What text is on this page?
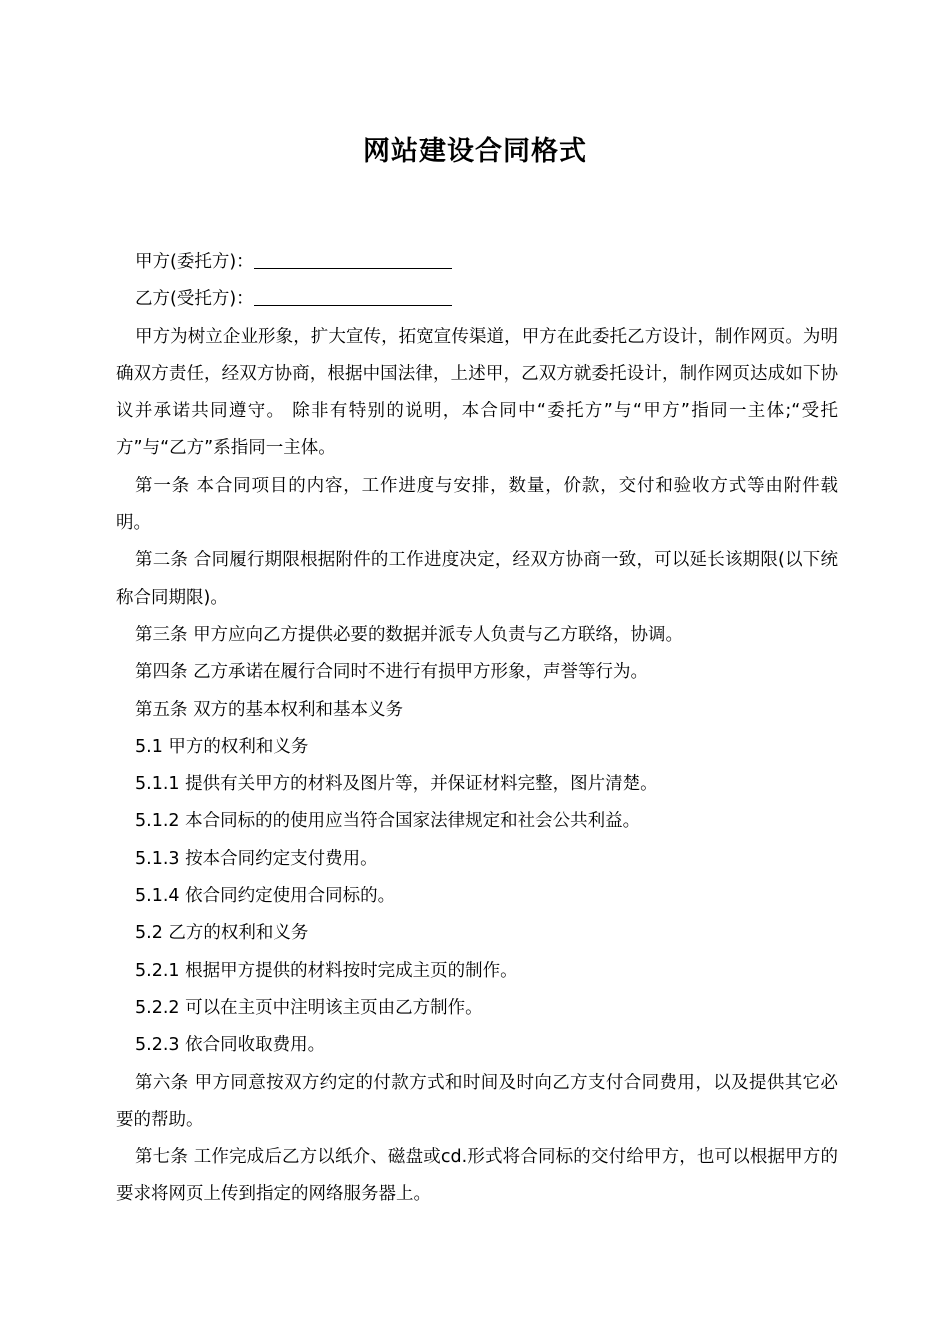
网站建设合同格式

甲方(委托方)：

乙方(受托方)：

甲方为树立企业形象，扩大宣传，拓宽宣传渠道，甲方在此委托乙方设计，制作网页。为明确双方责任，经双方协商，根据中国法律，上述甲，乙双方就委托设计，制作网页达成如下协议并承诺共同遵守。 除非有特别的说明，本合同中“委托方”与“甲方”指同一主体;“受托方”与“乙方”系指同一主体。

第一条 本合同项目的内容，工作进度与安排，数量，价款，交付和验收方式等由附件载明。

第二条 合同履行期限根据附件的工作进度决定，经双方协商一致，可以延长该期限(以下统称合同期限)。

第三条 甲方应向乙方提供必要的数据并派专人负责与乙方联络，协调。

第四条 乙方承诺在履行合同时不进行有损甲方形象，声誉等行为。

第五条 双方的基本权利和基本义务

5.1 甲方的权利和义务

5.1.1 提供有关甲方的材料及图片等，并保证材料完整，图片清楚。

5.1.2 本合同标的的使用应当符合国家法律规定和社会公共利益。

5.1.3 按本合同约定支付费用。

5.1.4 依合同约定使用合同标的。

5.2 乙方的权利和义务

5.2.1 根据甲方提供的材料按时完成主页的制作。

5.2.2 可以在主页中注明该主页由乙方制作。

5.2.3 依合同收取费用。

第六条 甲方同意按双方约定的付款方式和时间及时向乙方支付合同费用，以及提供其它必要的帮助。

第七条 工作完成后乙方以纸介、磁盘或cd.形式将合同标的交付给甲方，也可以根据甲方的要求将网页上传到指定的网络服务器上。
